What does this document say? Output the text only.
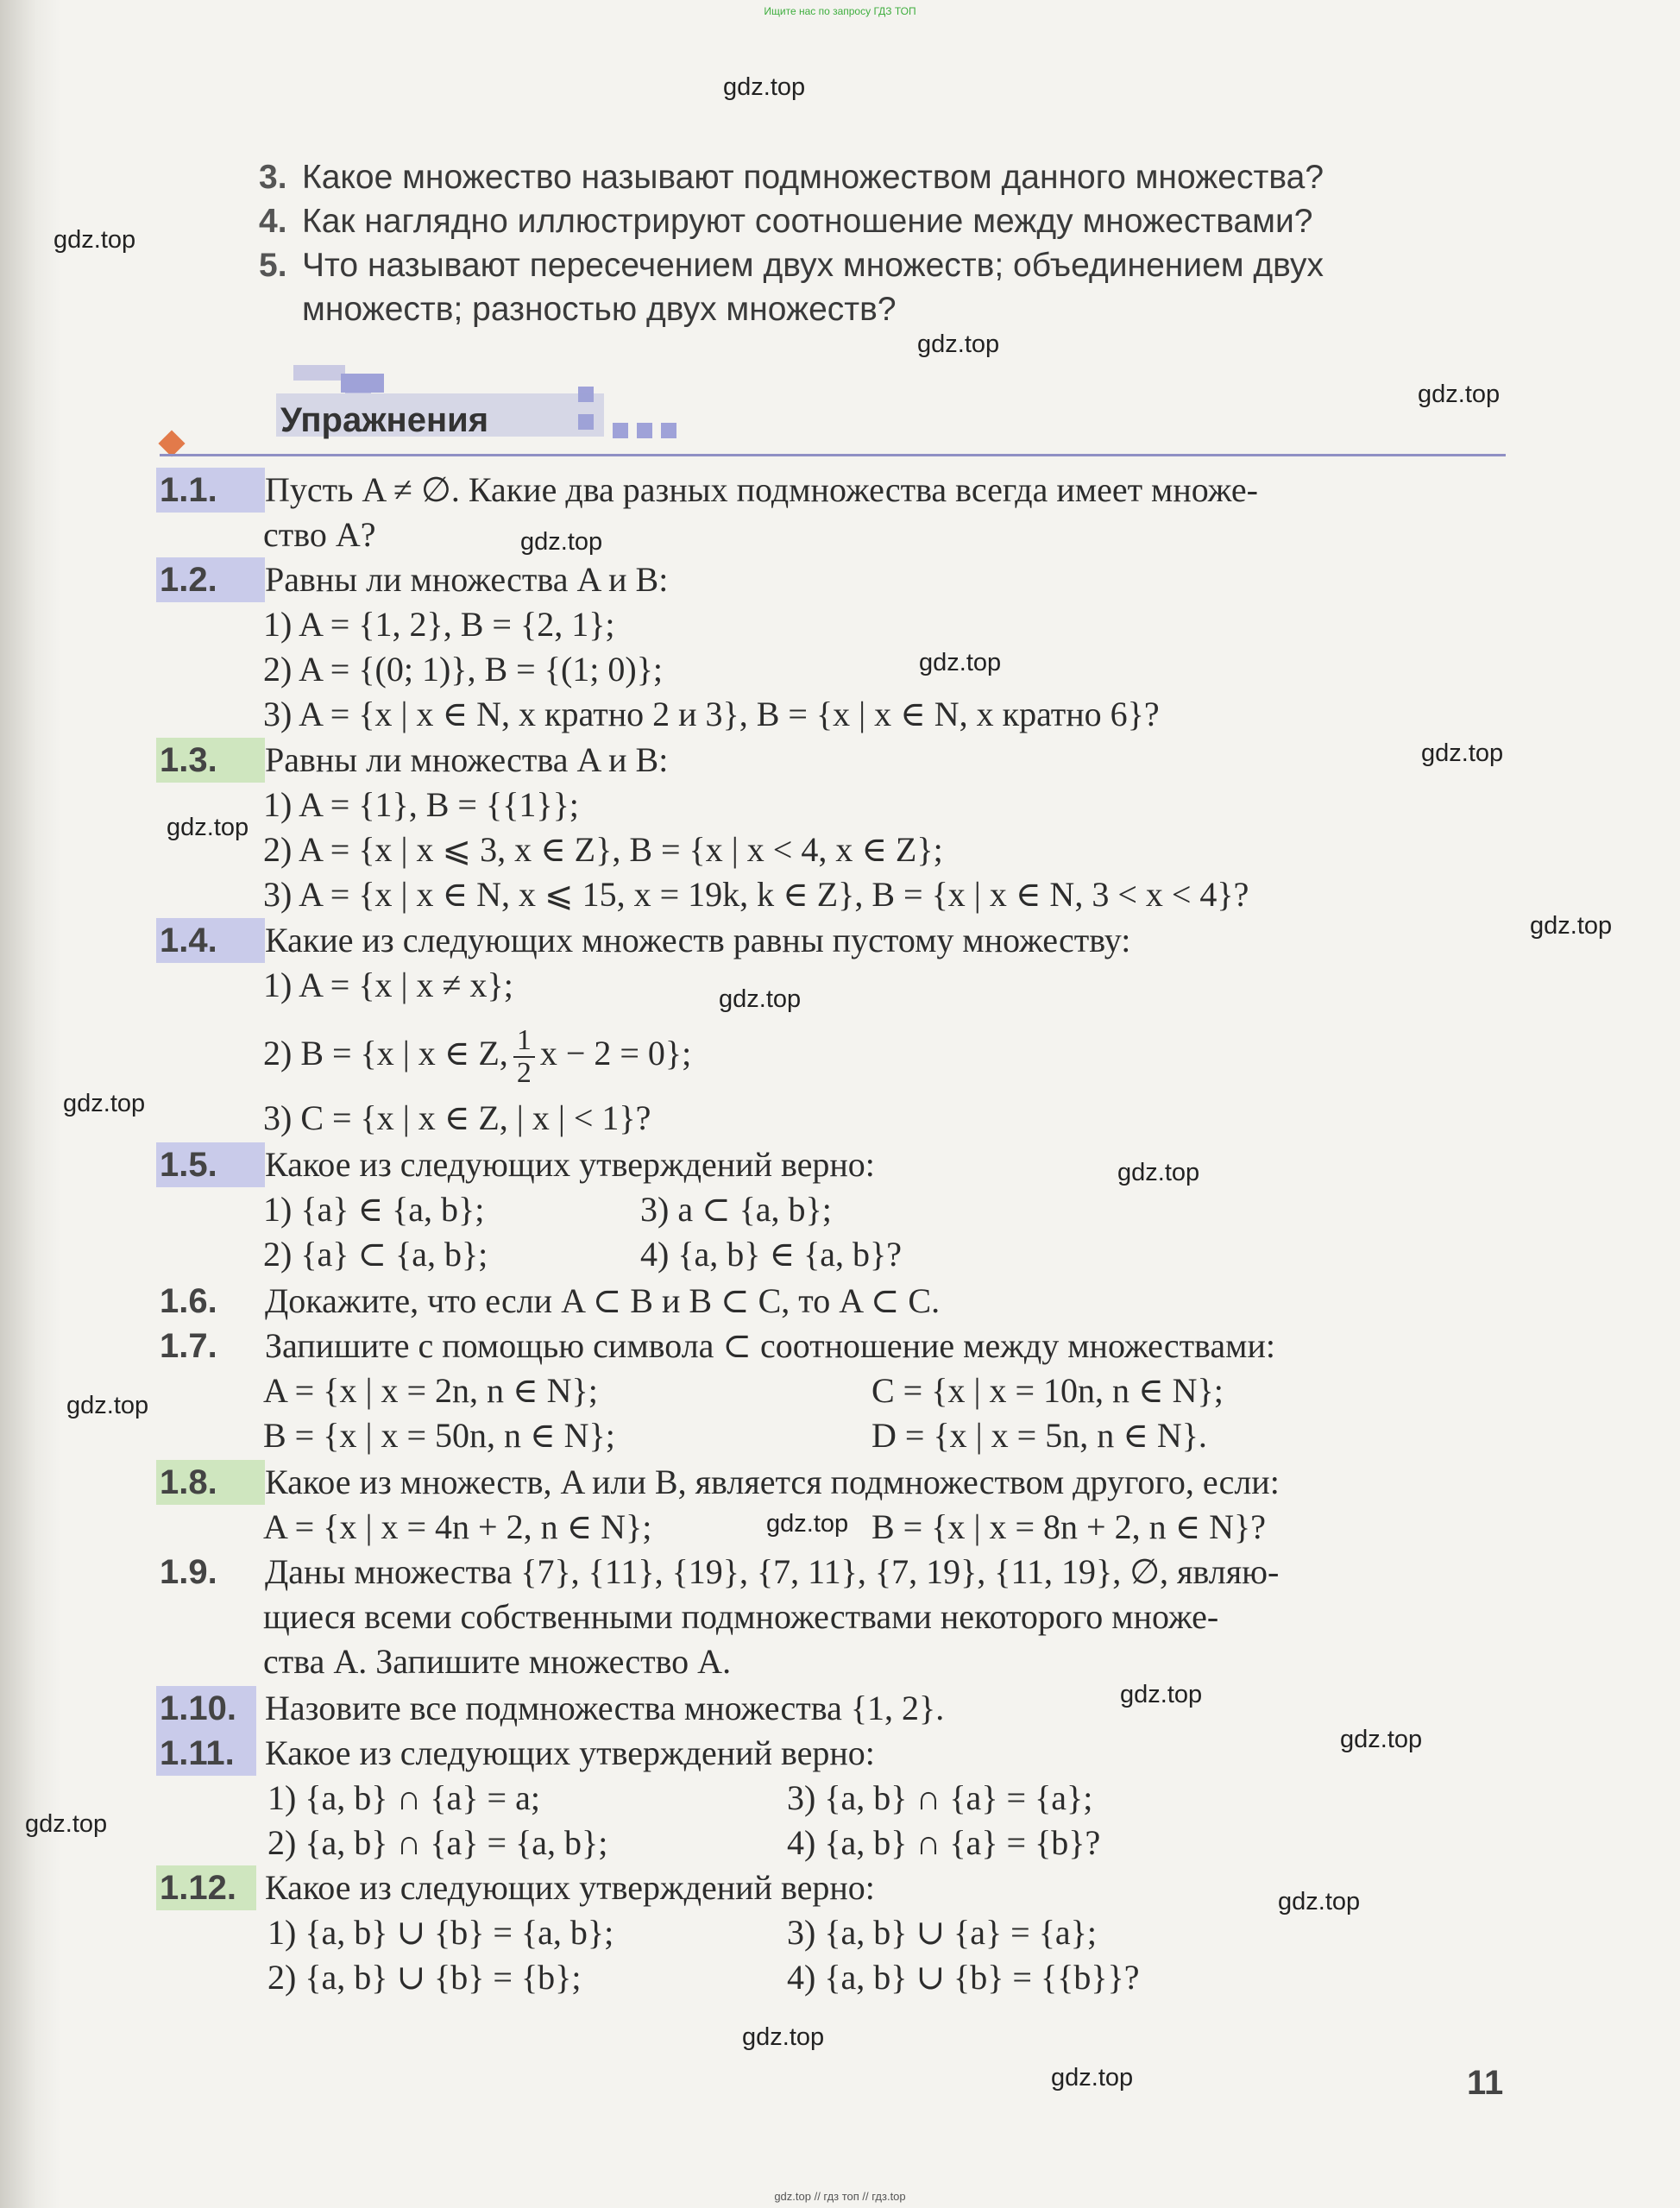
Ищите нас по запросу ГДЗ ТОП
gdz.top
gdz.top
gdz.top
gdz.top
gdz.top
gdz.top
gdz.top
gdz.top
gdz.top
gdz.top
gdz.top
gdz.top
gdz.top
gdz.top
gdz.top
gdz.top
gdz.top
gdz.top
gdz.top
gdz.top
3. Какое множество называют подмножеством данного множества?
4. Как наглядно иллюстрируют соотношение между множествами?
5. Что называют пересечением двух множеств; объединением двух
множеств; разностью двух множеств?
Упражнения
1.1. Пусть A ≠ ∅. Какие два разных подмножества всегда имеет множе-
ство A?
1.2. Равны ли множества A и B:
1) A = {1, 2}, B = {2, 1};
2) A = {(0; 1)}, B = {(1; 0)};
3) A = {x | x ∈ N, x кратно 2 и 3}, B = {x | x ∈ N, x кратно 6}?
1.3. Равны ли множества A и B:
1) A = {1}, B = {{1}};
2) A = {x | x ⩽ 3, x ∈ Z}, B = {x | x < 4, x ∈ Z};
3) A = {x | x ∈ N, x ⩽ 15, x = 19k, k ∈ Z}, B = {x | x ∈ N, 3 < x < 4}?
1.4. Какие из следующих множеств равны пустому множеству:
1) A = {x | x ≠ x};
2) B = {x | x ∈ Z, $\frac{1}{2}$ x − 2 = 0};
3) C = {x | x ∈ Z, | x | < 1}?
1.5. Какое из следующих утверждений верно:
1) {a} ∈ {a, b};
2) {a} ⊂ {a, b};
3) a ⊂ {a, b};
4) {a, b} ∈ {a, b}?
1.6. Докажите, что если A ⊂ B и B ⊂ C, то A ⊂ C.
1.7. Запишите с помощью символа ⊂ соотношение между множествами:
A = {x | x = 2n, n ∈ N};
B = {x | x = 50n, n ∈ N};
C = {x | x = 10n, n ∈ N};
D = {x | x = 5n, n ∈ N}.
1.8. Какое из множеств, A или B, является подмножеством другого, если:
A = {x | x = 4n + 2, n ∈ N};	B = {x | x = 8n + 2, n ∈ N}?
1.9. Даны множества {7}, {11}, {19}, {7, 11}, {7, 19}, {11, 19}, ∅, являю-
щиеся всеми собственными подмножествами некоторого множе-
ства A. Запишите множество A.
1.10. Назовите все подмножества множества {1, 2}.
1.11. Какое из следующих утверждений верно:
1) {a, b} ∩ {a} = a;
2) {a, b} ∩ {a} = {a, b};
3) {a, b} ∩ {a} = {a};
4) {a, b} ∩ {a} = {b}?
1.12. Какое из следующих утверждений верно:
1) {a, b} ∪ {b} = {a, b};
2) {a, b} ∪ {b} = {b};
3) {a, b} ∪ {a} = {a};
4) {a, b} ∪ {b} = {{b}}?
11
gdz.top // гдз топ // гдз.top
